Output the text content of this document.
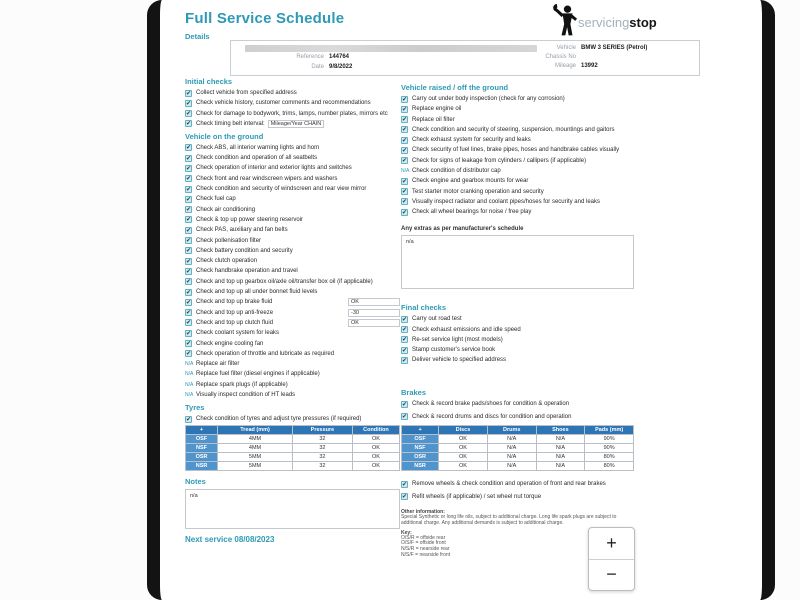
Full Service Schedule	servicingstop
Details
Reference 144764
Date 9/8/2022
Vehicle BMW 3 SERIES (Petrol)
Chassis No
Mileage 13992
Initial checks
✔ Collect vehicle from specified address
✔ Check vehicle history, customer comments and recommendations
✔ Check for damage to bodywork, trims, lamps, number plates, mirrors etc
✔ Check timing belt interval:	Mileage/Year CHAIN
Vehicle on the ground
✔ Check ABS, all interior warning lights and horn
✔ Check condition and operation of all seatbelts
✔ Check operation of interior and exterior lights and switches
✔ Check front and rear windscreen wipers and washers
✔ Check condition and security of windscreen and rear view mirror
✔ Check fuel cap
✔ Check air conditioning
✔ Check & top up power steering reservoir
✔ Check PAS, auxiliary and fan belts
✔ Check pollenisation filter
✔ Check battery condition and security
✔ Check clutch operation
✔ Check handbrake operation and travel
✔ Check and top up gearbox oil/axle oil/transfer box oil (if applicable)
✔ Check and top up all under bonnet fluid levels
✔ Check and top up brake fluid	OK
✔ Check and top up anti-freeze	-30
✔ Check and top up clutch fluid	OK
✔ Check coolant system for leaks
✔ Check engine cooling fan
✔ Check operation of throttle and lubricate as required
N/A Replace air filter
N/A Replace fuel filter (diesel engines if applicable)
N/A Replace spark plugs (if applicable)
N/A Visually inspect condition of HT leads
Tyres
✔ Check condition of tyres and adjust tyre pressures (if required)
+	Tread (mm)	Pressure	Condition
OSF	4MM	32	OK
NSF	4MM	32	OK
OSR	5MM	32	OK
NSR	5MM	32	OK
Notes
n/a
Next service 08/08/2023
Vehicle raised / off the ground
✔ Carry out under body inspection (check for any corrosion)
✔ Replace engine oil
✔ Replace oil filter
✔ Check condition and security of steering, suspension, mountings and gaitors
✔ Check exhaust system for security and leaks
✔ Check security of fuel lines, brake pipes, hoses and handbrake cables visually
✔ Check for signs of leakage from cylinders / callipers (if applicable)
N/A Check condition of distributor cap
✔ Check engine and gearbox mounts for wear
✔ Test starter motor cranking operation and security
✔ Visually inspect radiator and coolant pipes/hoses for security and leaks
✔ Check all wheel bearings for noise / free play
Any extras as per manufacturer's schedule
n/a
Final checks
✔ Carry out road test
✔ Check exhaust emissions and idle speed
✔ Re-set service light (most models)
✔ Stamp customer's service book
✔ Deliver vehicle to specified address
Brakes
✔ Check & record brake pads/shoes for condition & operation
✔ Check & record drums and discs for condition and operation
+	Discs	Drums	Shoes	Pads (mm)
OSF	OK	N/A	N/A	90%
NSF	OK	N/A	N/A	90%
OSR	OK	N/A	N/A	80%
NSR	OK	N/A	N/A	80%
✔ Remove wheels & check condition and operation of front and rear brakes
✔ Refit wheels (if applicable) / set wheel nut torque
Other information:
Special Synthetic or long life oils, subject to additional charge. Long life spark plugs are subject to additional charge. Any additional demands is subject to additional charge.
Key:
O/S/R = offside rear
O/S/F = offside front
N/S/R = nearside rear
N/S/F = nearside front
+
−
